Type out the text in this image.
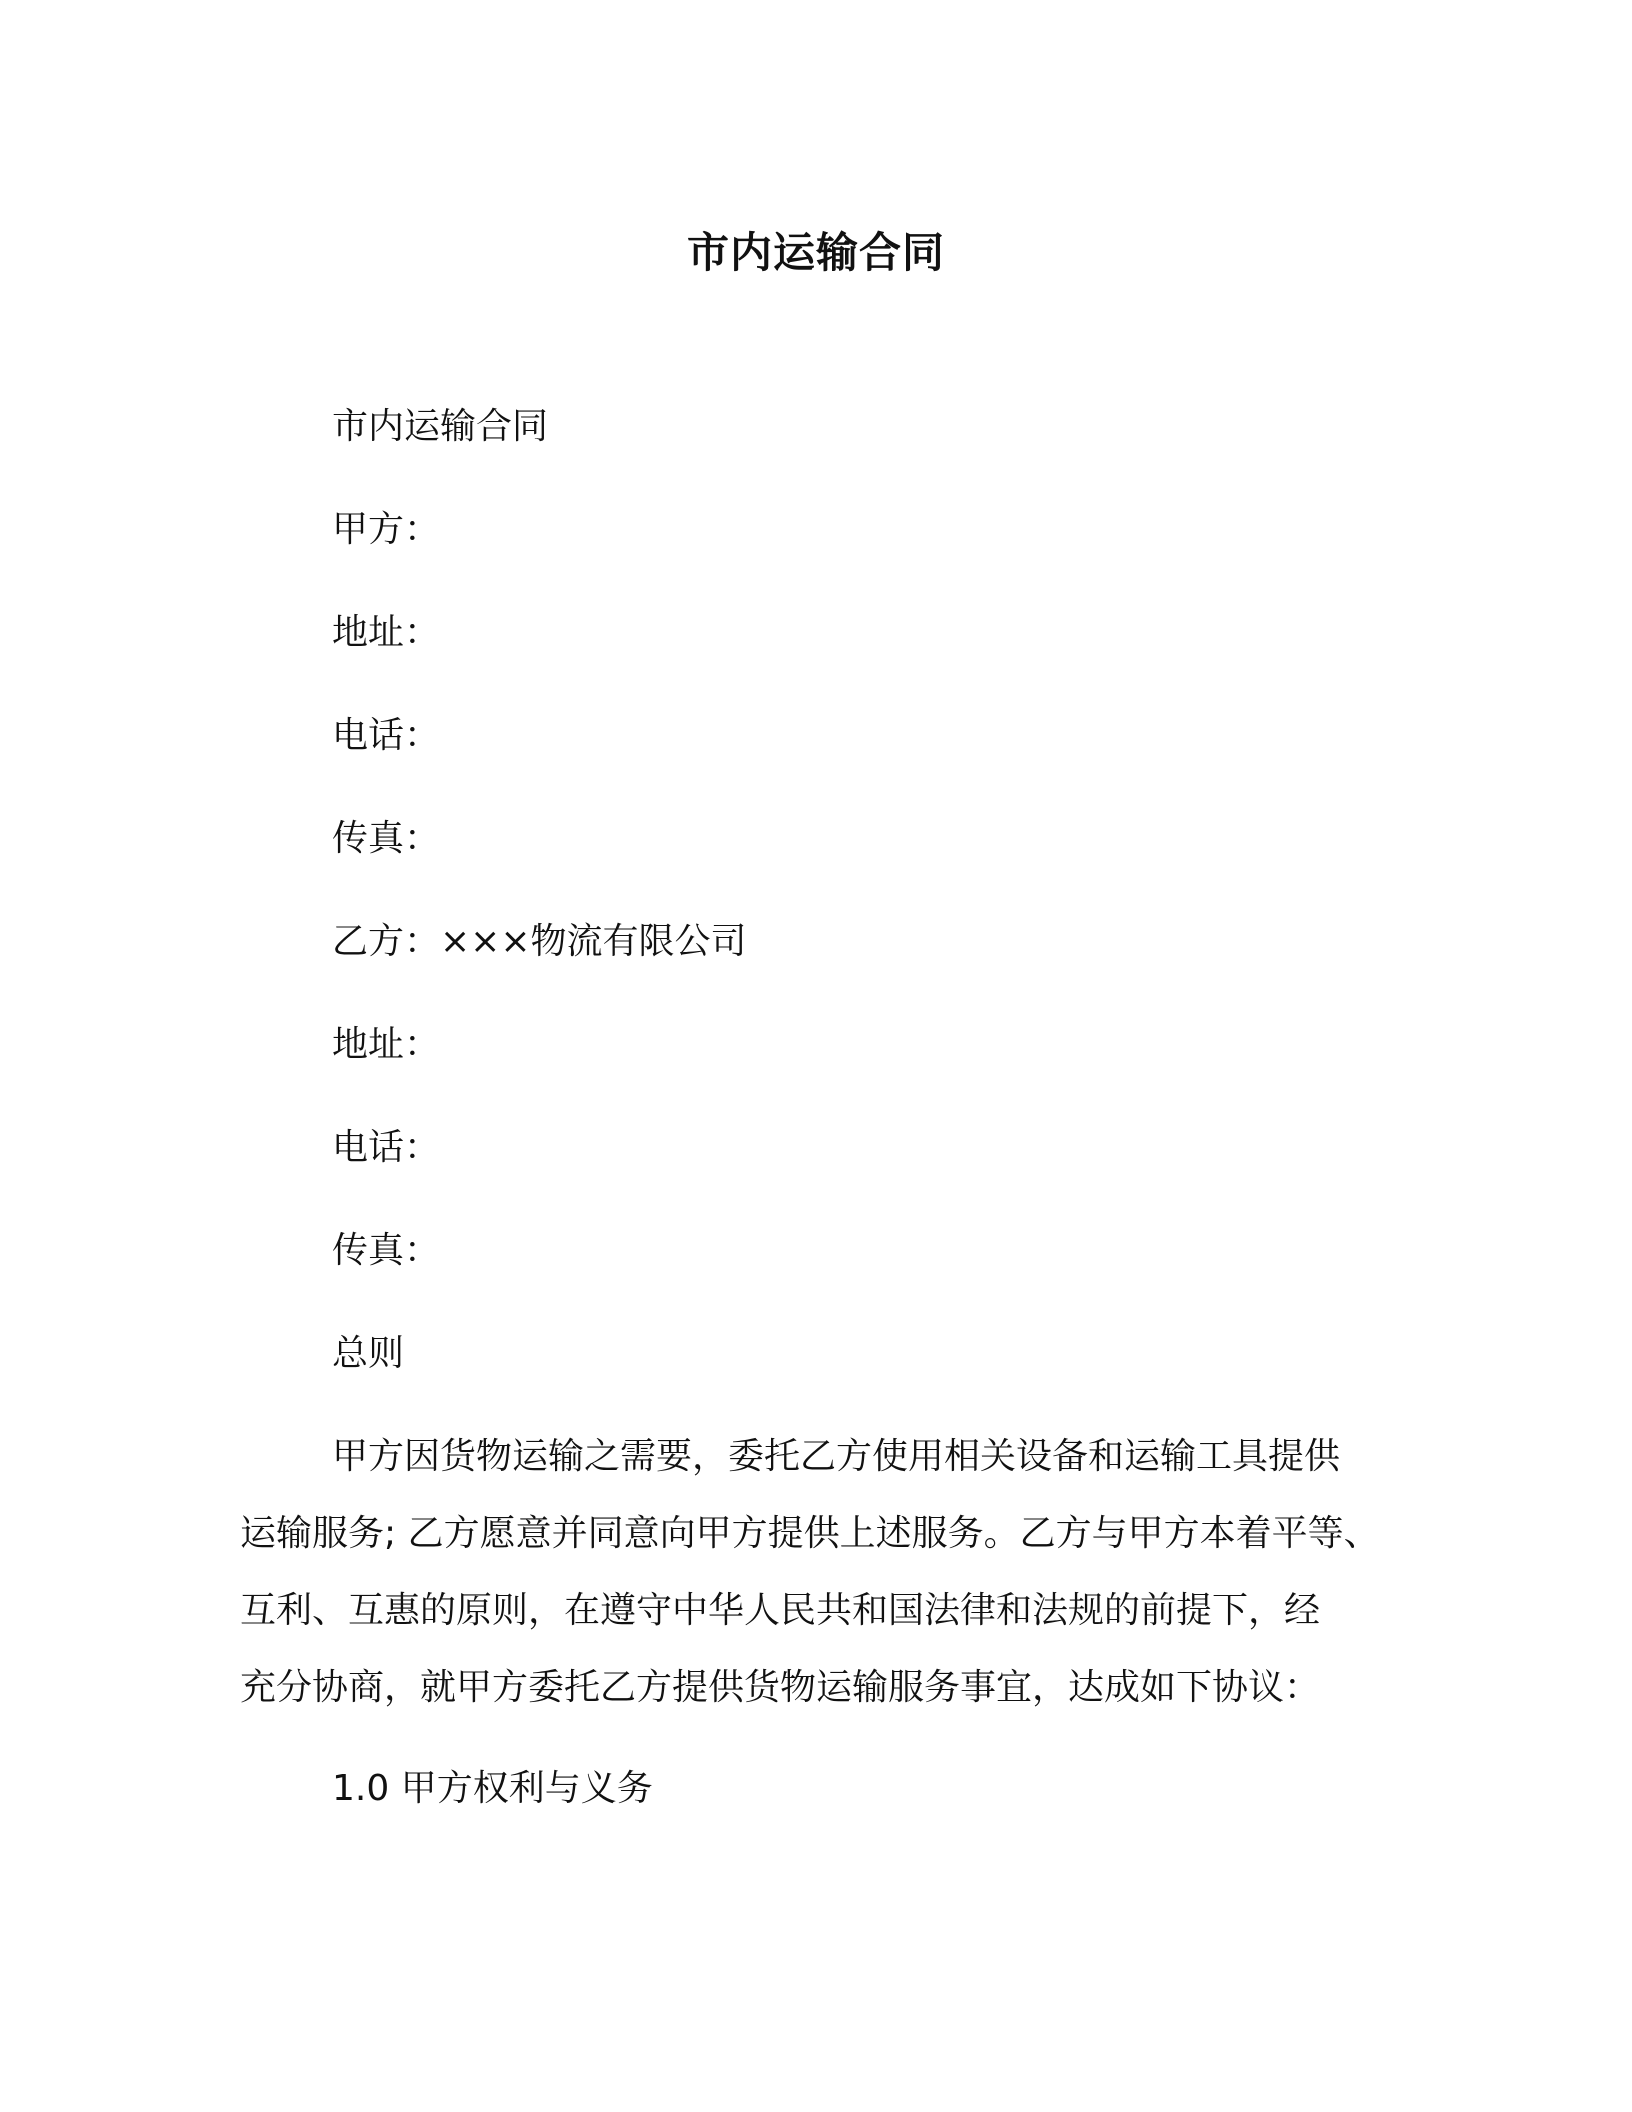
市内运输合同

市内运输合同

甲方：

地址：

电话：

传真：

乙方：×××物流有限公司

地址：

电话：

传真：

总则

甲方因货物运输之需要，委托乙方使用相关设备和运输工具提供
运输服务; 乙方愿意并同意向甲方提供上述服务。乙方与甲方本着平等、
互利、互惠的原则，在遵守中华人民共和国法律和法规的前提下，经
充分协商，就甲方委托乙方提供货物运输服务事宜，达成如下协议：

1.0 甲方权利与义务
